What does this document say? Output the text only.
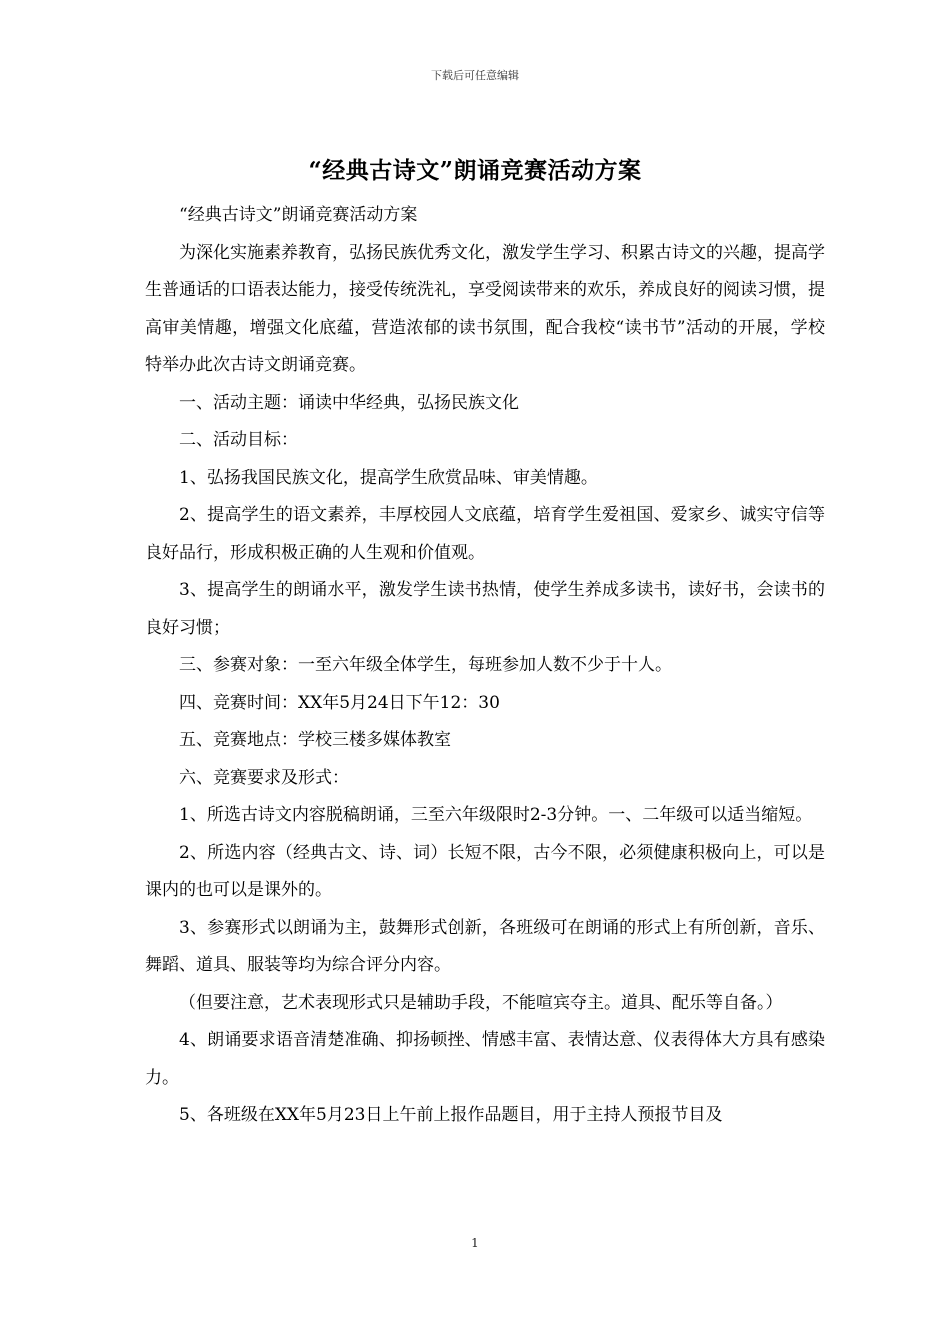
下载后可任意编辑
“经典古诗文”朗诵竞赛活动方案

“经典古诗文”朗诵竞赛活动方案

为深化实施素养教育，弘扬民族优秀文化，激发学生学习、积累古诗文的兴趣，提高学生普通话的口语表达能力，接受传统洗礼，享受阅读带来的欢乐，养成良好的阅读习惯，提高审美情趣，增强文化底蕴，营造浓郁的读书氛围，配合我校“读书节”活动的开展，学校特举办此次古诗文朗诵竞赛。

一、活动主题：诵读中华经典，弘扬民族文化

二、活动目标：

1、弘扬我国民族文化，提高学生欣赏品味、审美情趣。

2、提高学生的语文素养，丰厚校园人文底蕴，培育学生爱祖国、爱家乡、诚实守信等良好品行，形成积极正确的人生观和价值观。

3、提高学生的朗诵水平，激发学生读书热情，使学生养成多读书，读好书，会读书的良好习惯；

三、参赛对象：一至六年级全体学生，每班参加人数不少于十人。

四、竞赛时间：XX年5月24日下午12：30

五、竞赛地点：学校三楼多媒体教室

六、竞赛要求及形式：

1、所选古诗文内容脱稿朗诵，三至六年级限时2-3分钟。一、二年级可以适当缩短。

2、所选内容（经典古文、诗、词）长短不限，古今不限，必须健康积极向上，可以是课内的也可以是课外的。

3、参赛形式以朗诵为主，鼓舞形式创新，各班级可在朗诵的形式上有所创新，音乐、舞蹈、道具、服装等均为综合评分内容。

（但要注意，艺术表现形式只是辅助手段，不能喧宾夺主。道具、配乐等自备。）

4、朗诵要求语音清楚准确、抑扬顿挫、情感丰富、表情达意、仪表得体大方具有感染力。

5、各班级在XX年5月23日上午前上报作品题目，用于主持人预报节目及

1
